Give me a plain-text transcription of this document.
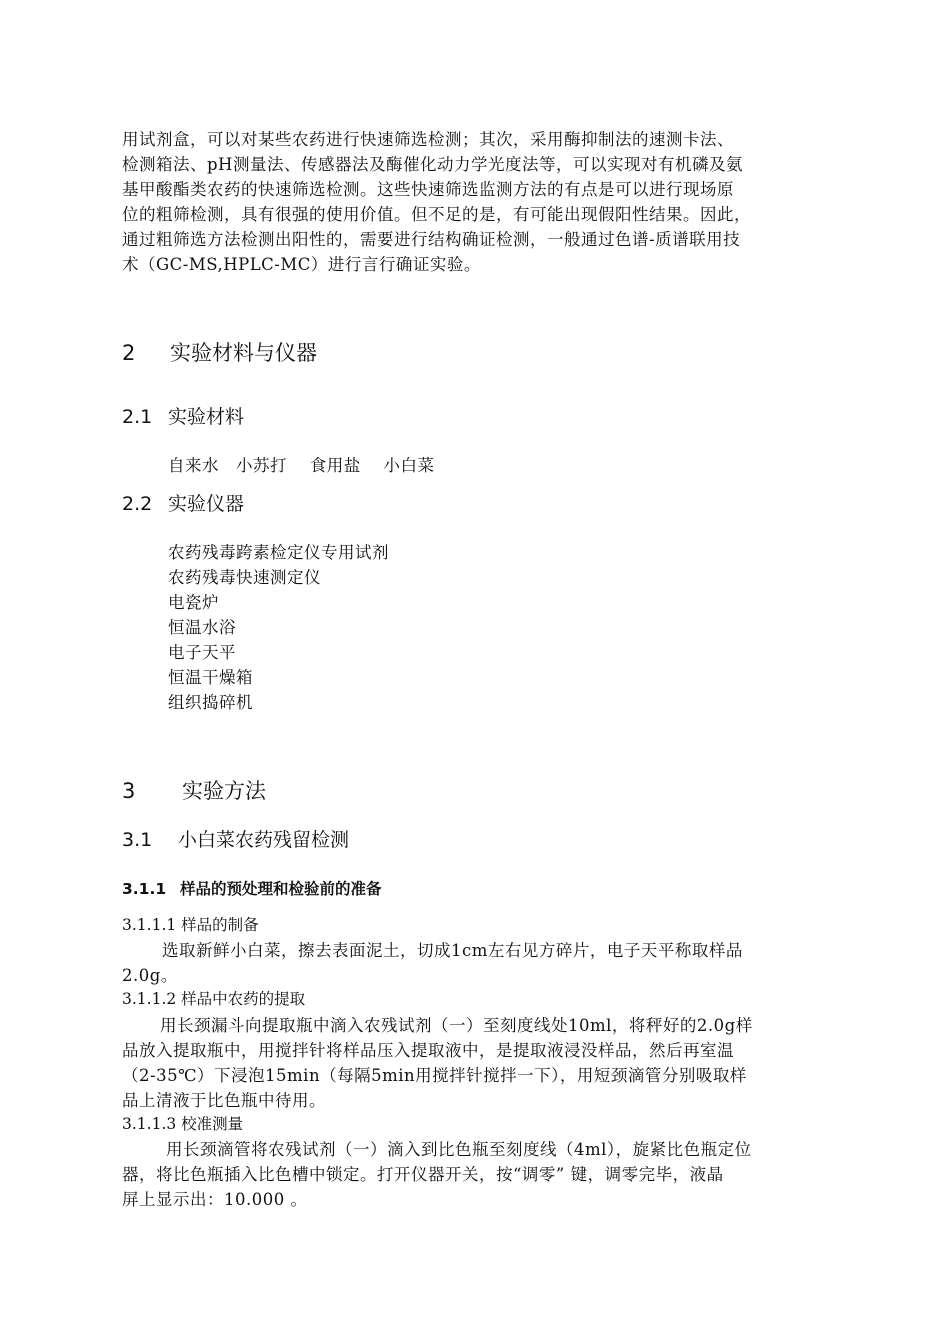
用试剂盒，可以对某些农药进行快速筛选检测；其次，采用酶抑制法的速测卡法、
检测箱法、pH测量法、传感器法及酶催化动力学光度法等，可以实现对有机磷及氨
基甲酸酯类农药的快速筛选检测。这些快速筛选监测方法的有点是可以进行现场原
位的粗筛检测，具有很强的使用价值。但不足的是，有可能出现假阳性结果。因此，
通过粗筛选方法检测出阳性的，需要进行结构确证检测，一般通过色谱-质谱联用技
术（GC-MS,HPLC-MC）进行言行确证实验。
2 实验材料与仪器
2.1 实验材料
自来水　小苏打　 食用盐　 小白菜
2.2 实验仪器
农药残毒跨素检定仪专用试剂
农药残毒快速测定仪
电瓷炉
恒温水浴
电子天平
恒温干燥箱
组织捣碎机
3 实验方法
3.1 小白菜农药残留检测
3.1.1 样品的预处理和检验前的准备
3.1.1.1 样品的制备
选取新鲜小白菜，擦去表面泥土，切成1cm左右见方碎片，电子天平称取样品
2.0g。
3.1.1.2 样品中农药的提取
用长颈漏斗向提取瓶中滴入农残试剂（一）至刻度线处10ml，将秤好的2.0g样
品放入提取瓶中，用搅拌针将样品压入提取液中，是提取液浸没样品，然后再室温
（2-35℃）下浸泡15min（每隔5min用搅拌针搅拌一下），用短颈滴管分别吸取样
品上清液于比色瓶中待用。
3.1.1.3 校准测量
用长颈滴管将农残试剂（一）滴入到比色瓶至刻度线（4ml），旋紧比色瓶定位
器，将比色瓶插入比色槽中锁定。打开仪器开关，按“调零” 键，调零完毕，液晶
屏上显示出：10.000 。
